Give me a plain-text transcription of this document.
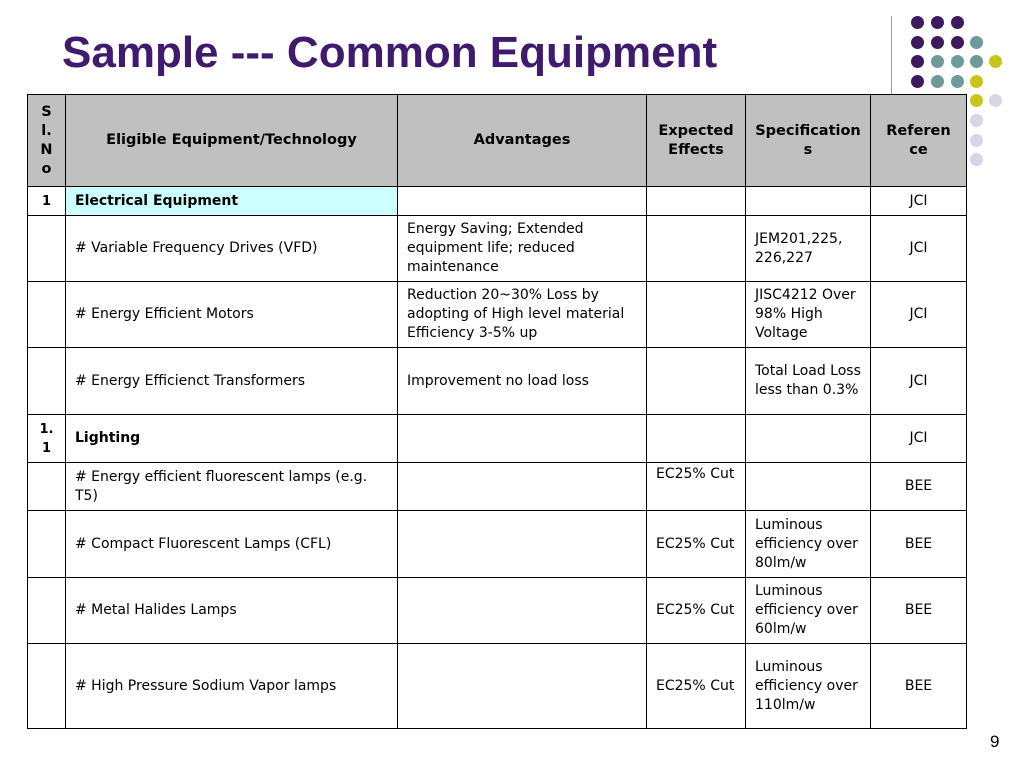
Sample --- Common Equipment
Sl. No	Eligible Equipment/Technology	Advantages	Expected Effects	Specifications	Reference
1	Electrical Equipment				JCI
	# Variable Frequency Drives (VFD)	Energy Saving; Extended equipment life; reduced maintenance		JEM201,225, 226,227	JCI
	# Energy Efficient Motors	Reduction 20~30% Loss by adopting of High level material Efficiency 3-5% up		JISC4212 Over 98% High Voltage	JCI
	# Energy Efficienct Transformers	Improvement no load loss		Total Load Loss less than 0.3%	JCI
1.1	Lighting				JCI
	# Energy efficient fluorescent lamps (e.g. T5)		EC25% Cut		BEE
	# Compact Fluorescent Lamps (CFL)		EC25% Cut	Luminous efficiency over 80lm/w	BEE
	# Metal Halides Lamps		EC25% Cut	Luminous efficiency over 60lm/w	BEE
	# High Pressure Sodium Vapor lamps		EC25% Cut	Luminous efficiency over 110lm/w	BEE
9
